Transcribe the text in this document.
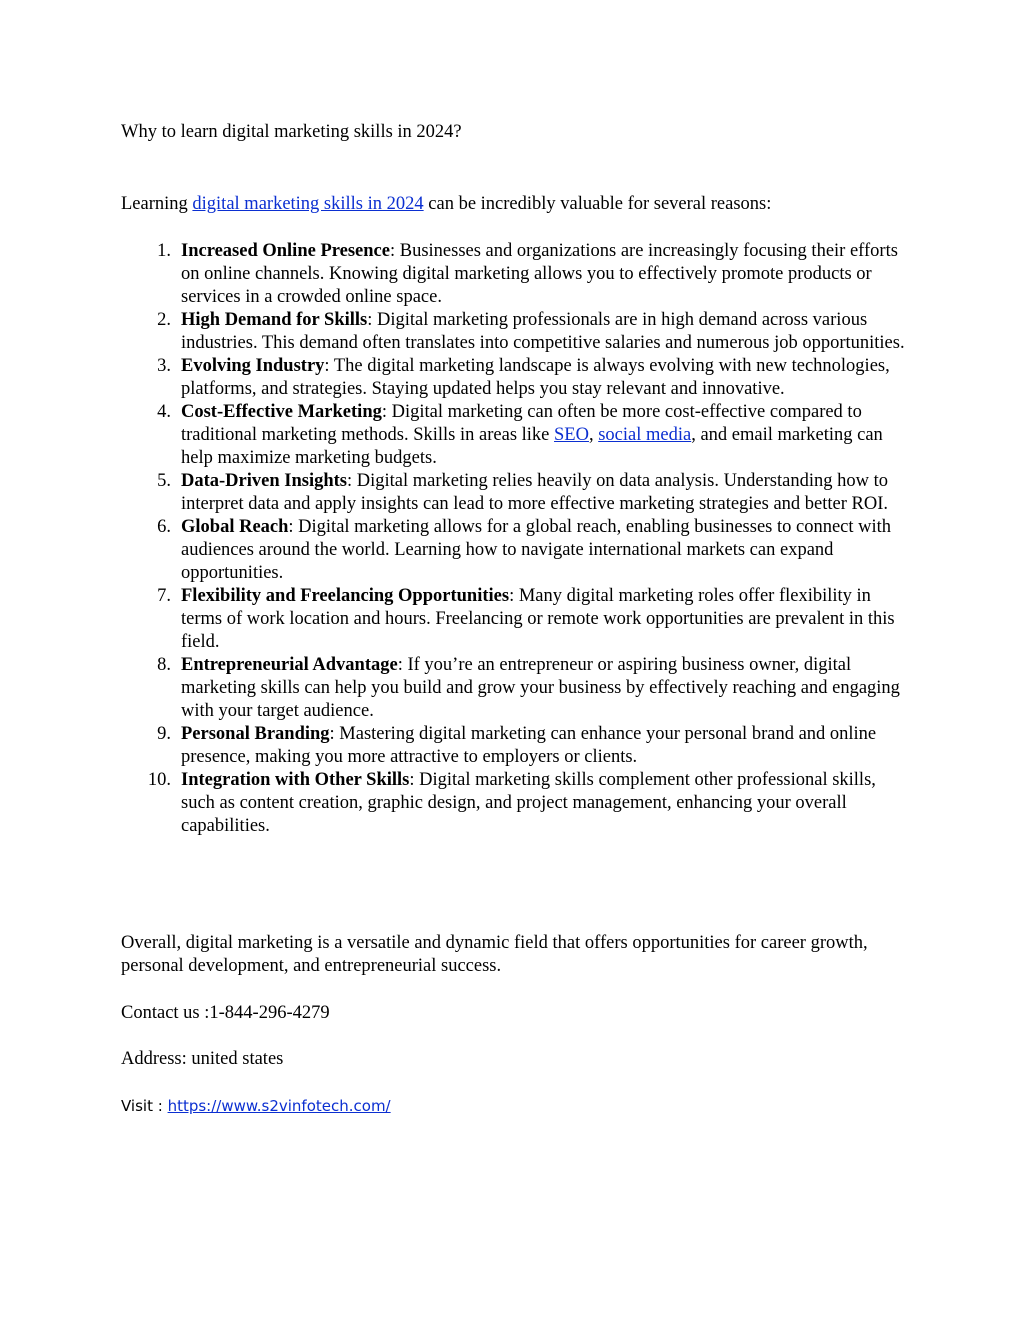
Why to learn digital marketing skills in 2024?
Learning digital marketing skills in 2024 can be incredibly valuable for several reasons:
1. Increased Online Presence: Businesses and organizations are increasingly focusing their efforts on online channels. Knowing digital marketing allows you to effectively promote products or services in a crowded online space.
2. High Demand for Skills: Digital marketing professionals are in high demand across various industries. This demand often translates into competitive salaries and numerous job opportunities.
3. Evolving Industry: The digital marketing landscape is always evolving with new technologies, platforms, and strategies. Staying updated helps you stay relevant and innovative.
4. Cost-Effective Marketing: Digital marketing can often be more cost-effective compared to traditional marketing methods. Skills in areas like SEO, social media, and email marketing can help maximize marketing budgets.
5. Data-Driven Insights: Digital marketing relies heavily on data analysis. Understanding how to interpret data and apply insights can lead to more effective marketing strategies and better ROI.
6. Global Reach: Digital marketing allows for a global reach, enabling businesses to connect with audiences around the world. Learning how to navigate international markets can expand opportunities.
7. Flexibility and Freelancing Opportunities: Many digital marketing roles offer flexibility in terms of work location and hours. Freelancing or remote work opportunities are prevalent in this field.
8. Entrepreneurial Advantage: If you’re an entrepreneur or aspiring business owner, digital marketing skills can help you build and grow your business by effectively reaching and engaging with your target audience.
9. Personal Branding: Mastering digital marketing can enhance your personal brand and online presence, making you more attractive to employers or clients.
10. Integration with Other Skills: Digital marketing skills complement other professional skills, such as content creation, graphic design, and project management, enhancing your overall capabilities.
Overall, digital marketing is a versatile and dynamic field that offers opportunities for career growth, personal development, and entrepreneurial success.
Contact us :1-844-296-4279
Address: united states
Visit : https://www.s2vinfotech.com/
